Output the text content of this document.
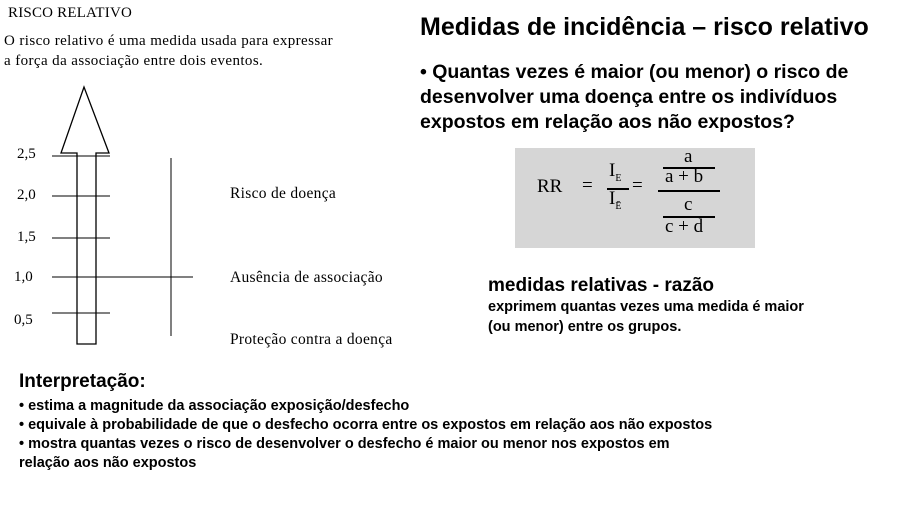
RISCO RELATIVO
O risco relativo é uma medida usada para expressar
a força da associação entre dois eventos.
2,5
2,0
1,5
1,0
0,5
Risco de doença
Ausência de associação
Proteção contra a doença
Medidas de incidência – risco relativo
• Quantas vezes é maior (ou menor) o risco de
desenvolver uma doença entre os indivíduos
expostos em relação aos não expostos?
RR =
$I_E$
$I_Ē$
=
a
a + b
c
c + d
medidas relativas - razão
exprimem quantas vezes uma medida é maior
(ou menor) entre os grupos.
Interpretação:
• estima a magnitude da associação exposição/desfecho
• equivale à probabilidade de que o desfecho ocorra entre os expostos em relação aos não expostos
• mostra quantas vezes o risco de desenvolver o desfecho é maior ou menor nos expostos em
relação aos não expostos
